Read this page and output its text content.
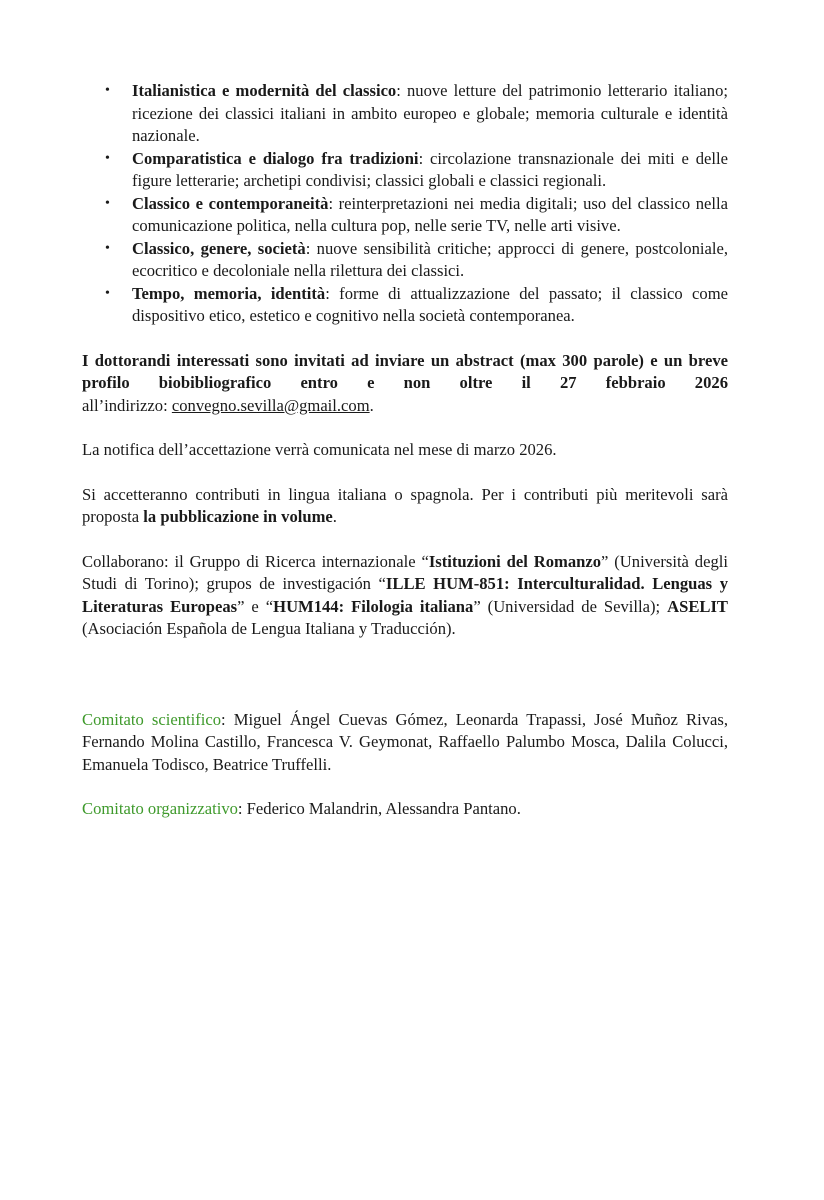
• Italianistica e modernità del classico: nuove letture del patrimonio letterario italiano; ricezione dei classici italiani in ambito europeo e globale; memoria culturale e identità nazionale.
• Comparatistica e dialogo fra tradizioni: circolazione transnazionale dei miti e delle figure letterarie; archetipi condivisi; classici globali e classici regionali.
• Classico e contemporaneità: reinterpretazioni nei media digitali; uso del classico nella comunicazione politica, nella cultura pop, nelle serie TV, nelle arti visive.
• Classico, genere, società: nuove sensibilità critiche; approcci di genere, postcoloniale, ecocritico e decoloniale nella rilettura dei classici.
• Tempo, memoria, identità: forme di attualizzazione del passato; il classico come dispositivo etico, estetico e cognitivo nella società contemporanea.

I dottorandi interessati sono invitati ad inviare un abstract (max 300 parole) e un breve

profilo biobibliografico entro e non oltre il 27 febbraio 2026

all’indirizzo: convegno.sevilla@gmail.com.

La notifica dell’accettazione verrà comunicata nel mese di marzo 2026.

Si accetteranno contributi in lingua italiana o spagnola. Per i contributi più meritevoli sarà proposta la pubblicazione in volume.

Collaborano: il Gruppo di Ricerca internazionale “Istituzioni del Romanzo” (Università degli Studi di Torino); grupos de investigación “ILLE HUM-851: Interculturalidad. Lenguas y Literaturas Europeas” e “HUM144: Filologia italiana” (Universidad de Sevilla); ASELIT (Asociación Española de Lengua Italiana y Traducción).

Comitato scientifico: Miguel Ángel Cuevas Gómez, Leonarda Trapassi, José Muñoz Rivas, Fernando Molina Castillo, Francesca V. Geymonat, Raffaello Palumbo Mosca, Dalila Colucci, Emanuela Todisco, Beatrice Truffelli.

Comitato organizzativo: Federico Malandrin, Alessandra Pantano.
